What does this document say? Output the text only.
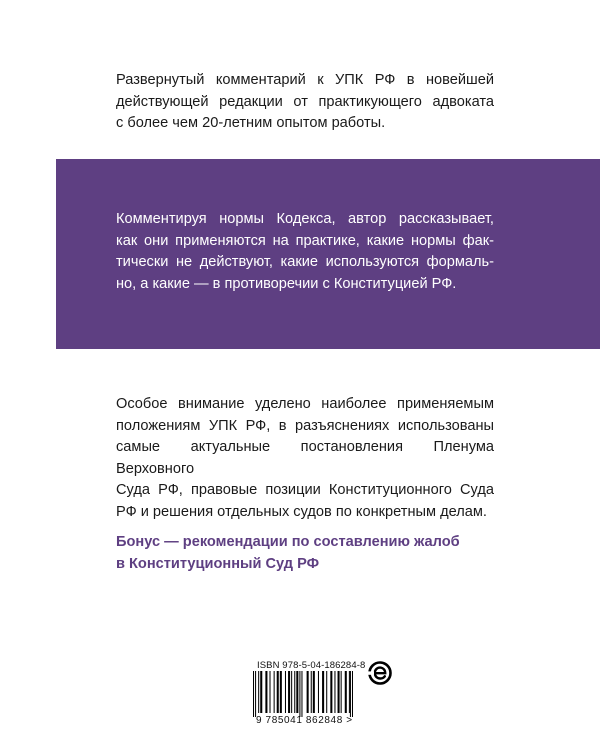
Развернутый комментарий к УПК РФ в новейшей
действующей редакции от практикующего адвоката
с более чем 20-летним опытом работы.
Комментируя нормы Кодекса, автор рассказывает,
как они применяются на практике, какие нормы фак-
тически не действуют, какие используются формаль-
но, а какие — в противоречии с Конституцией РФ.
Особое внимание уделено наиболее применяемым
положениям УПК РФ, в разъяснениях использованы
самые актуальные постановления Пленума Верховного
Суда РФ, правовые позиции Конституционного Суда
РФ и решения отдельных судов по конкретным делам.
Бонус — рекомендации по составлению жалоб
в Конституционный Суд РФ
ISBN 978-5-04-186284-8
9 785041 862848 >
